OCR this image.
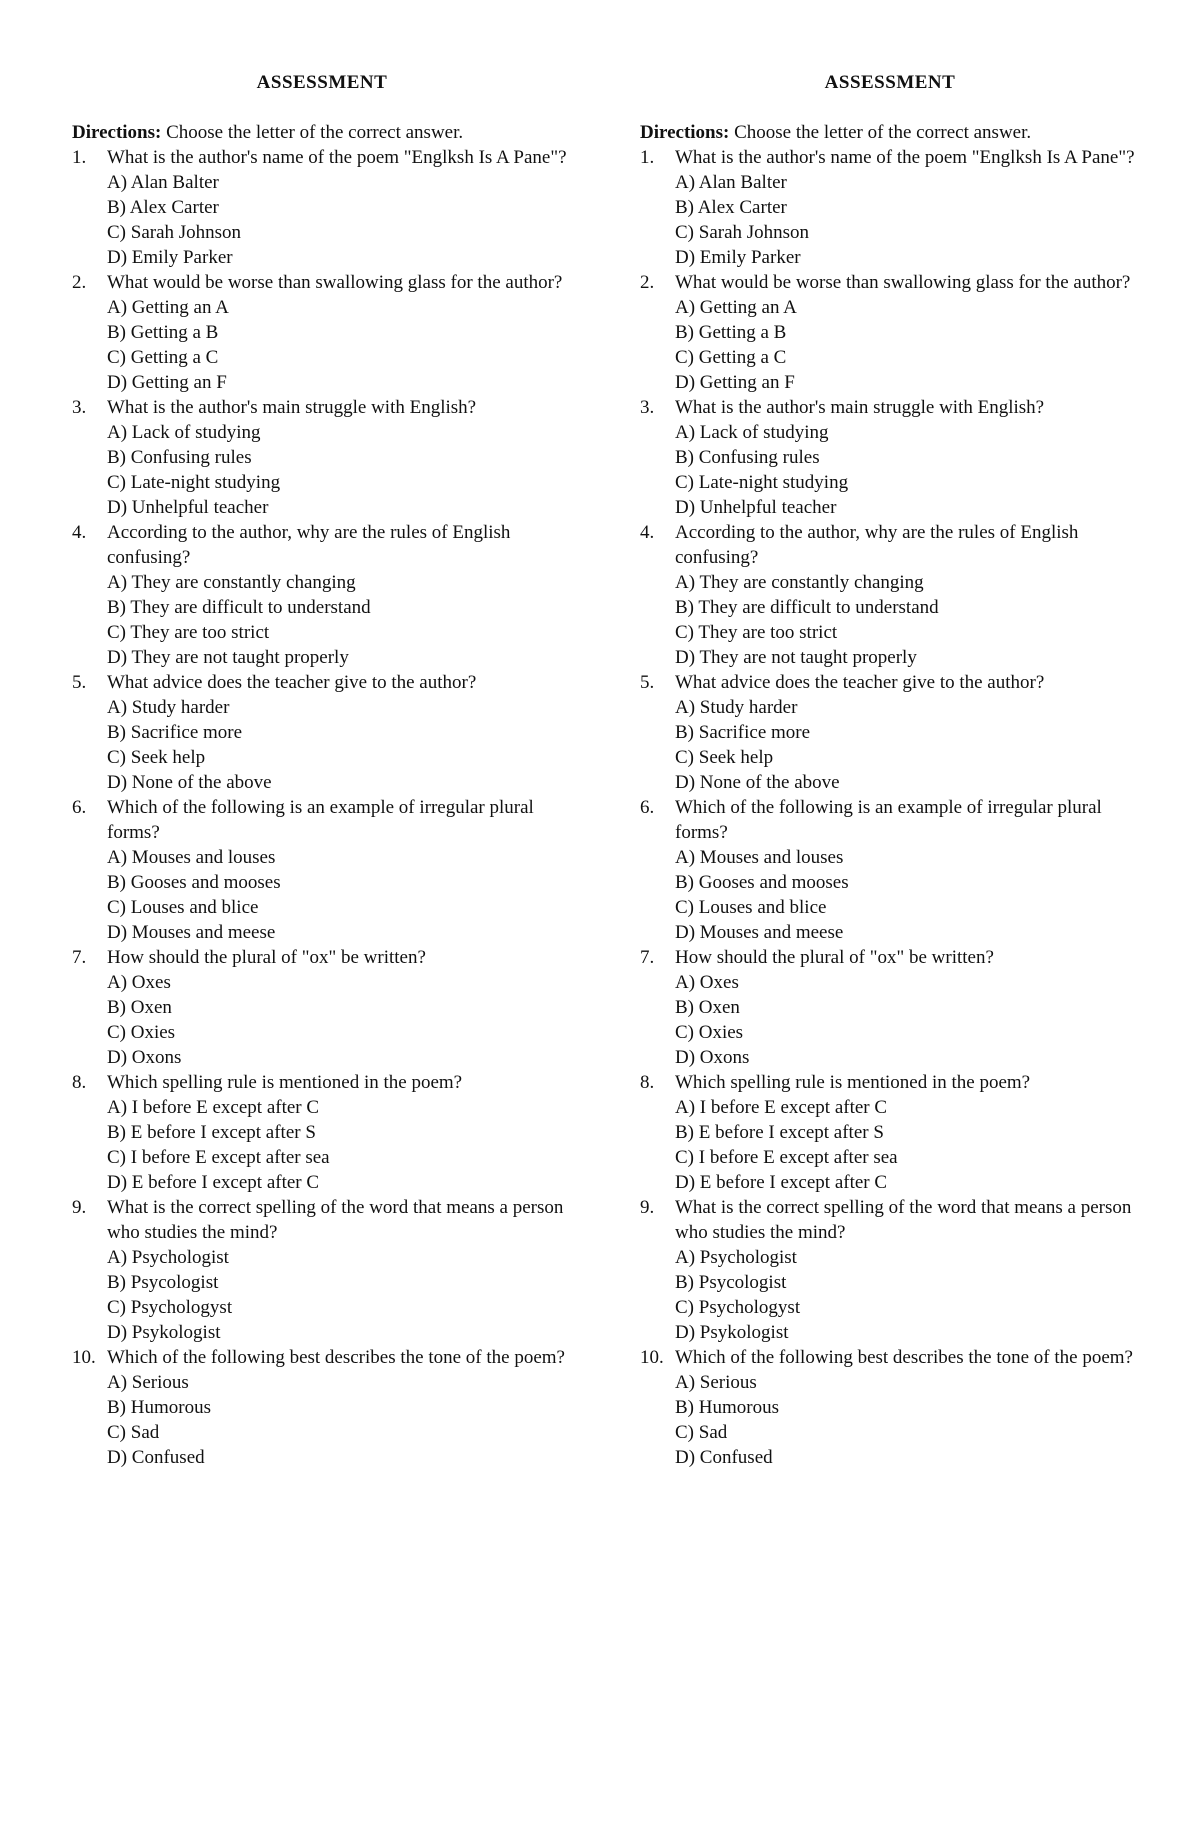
ASSESSMENT
Directions: Choose the letter of the correct answer.
1. What is the author's name of the poem "Englksh Is A Pane"?
A) Alan Balter
B) Alex Carter
C) Sarah Johnson
D) Emily Parker
2. What would be worse than swallowing glass for the author?
A) Getting an A
B) Getting a B
C) Getting a C
D) Getting an F
3. What is the author's main struggle with English?
A) Lack of studying
B) Confusing rules
C) Late-night studying
D) Unhelpful teacher
4. According to the author, why are the rules of English confusing?
A) They are constantly changing
B) They are difficult to understand
C) They are too strict
D) They are not taught properly
5. What advice does the teacher give to the author?
A) Study harder
B) Sacrifice more
C) Seek help
D) None of the above
6. Which of the following is an example of irregular plural forms?
A) Mouses and louses
B) Gooses and mooses
C) Louses and blice
D) Mouses and meese
7. How should the plural of "ox" be written?
A) Oxes
B) Oxen
C) Oxies
D) Oxons
8. Which spelling rule is mentioned in the poem?
A) I before E except after C
B) E before I except after S
C) I before E except after sea
D) E before I except after C
9. What is the correct spelling of the word that means a person who studies the mind?
A) Psychologist
B) Psycologist
C) Psychologyst
D) Psykologist
10. Which of the following best describes the tone of the poem?
A) Serious
B) Humorous
C) Sad
D) Confused
ASSESSMENT
Directions: Choose the letter of the correct answer.
1. What is the author's name of the poem "Englksh Is A Pane"?
A) Alan Balter
B) Alex Carter
C) Sarah Johnson
D) Emily Parker
2. What would be worse than swallowing glass for the author?
A) Getting an A
B) Getting a B
C) Getting a C
D) Getting an F
3. What is the author's main struggle with English?
A) Lack of studying
B) Confusing rules
C) Late-night studying
D) Unhelpful teacher
4. According to the author, why are the rules of English confusing?
A) They are constantly changing
B) They are difficult to understand
C) They are too strict
D) They are not taught properly
5. What advice does the teacher give to the author?
A) Study harder
B) Sacrifice more
C) Seek help
D) None of the above
6. Which of the following is an example of irregular plural forms?
A) Mouses and louses
B) Gooses and mooses
C) Louses and blice
D) Mouses and meese
7. How should the plural of "ox" be written?
A) Oxes
B) Oxen
C) Oxies
D) Oxons
8. Which spelling rule is mentioned in the poem?
A) I before E except after C
B) E before I except after S
C) I before E except after sea
D) E before I except after C
9. What is the correct spelling of the word that means a person who studies the mind?
A) Psychologist
B) Psycologist
C) Psychologyst
D) Psykologist
10. Which of the following best describes the tone of the poem?
A) Serious
B) Humorous
C) Sad
D) Confused
